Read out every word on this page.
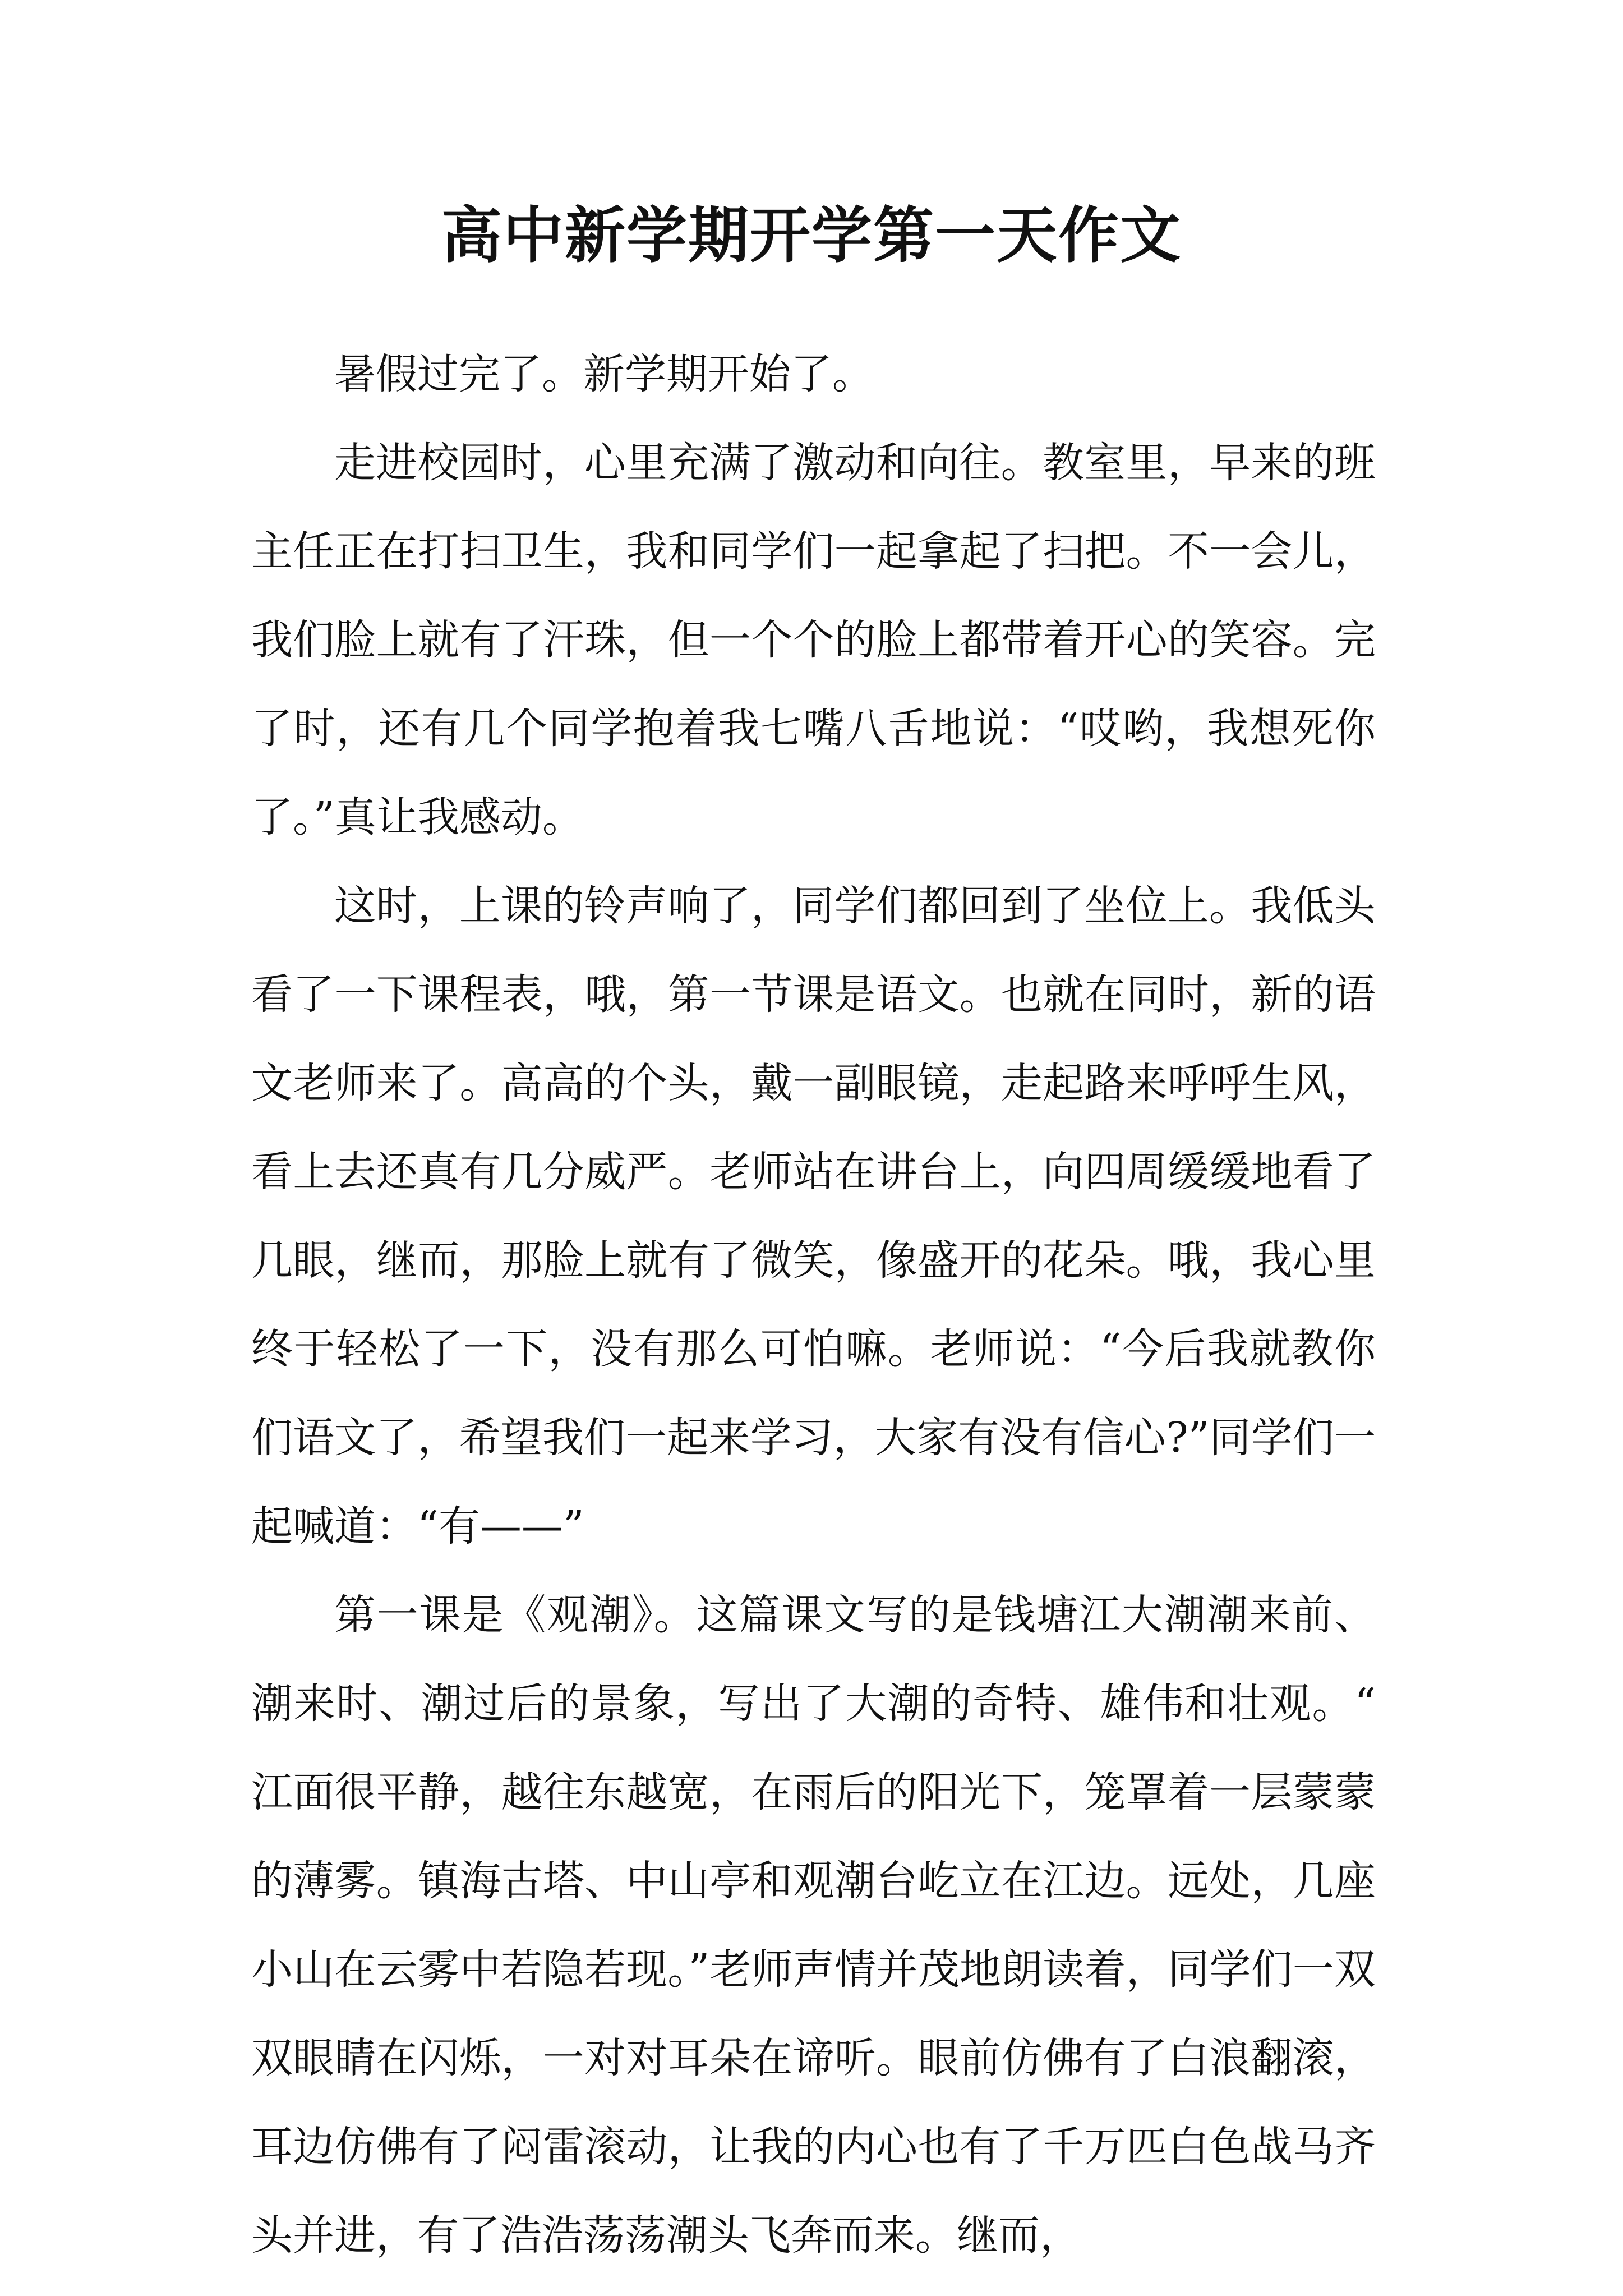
高中新学期开学第一天作文

暑假过完了。新学期开始了。

走进校园时，心里充满了激动和向往。教室里，早来的班主任正在打扫卫生，我和同学们一起拿起了扫把。不一会儿，我们脸上就有了汗珠，但一个个的脸上都带着开心的笑容。完了时，还有几个同学抱着我七嘴八舌地说：“哎哟，我想死你了。”真让我感动。

这时，上课的铃声响了，同学们都回到了坐位上。我低头看了一下课程表，哦，第一节课是语文。也就在同时，新的语文老师来了。高高的个头，戴一副眼镜，走起路来呼呼生风，看上去还真有几分威严。老师站在讲台上，向四周缓缓地看了几眼，继而，那脸上就有了微笑，像盛开的花朵。哦，我心里终于轻松了一下，没有那么可怕嘛。老师说：“今后我就教你们语文了，希望我们一起来学习，大家有没有信心?”同学们一起喊道：“有——”

第一课是《观潮》。这篇课文写的是钱塘江大潮潮来前、潮来时、潮过后的景象，写出了大潮的奇特、雄伟和壮观。“江面很平静，越往东越宽，在雨后的阳光下，笼罩着一层蒙蒙的薄雾。镇海古塔、中山亭和观潮台屹立在江边。远处，几座小山在云雾中若隐若现。”老师声情并茂地朗读着，同学们一双双眼睛在闪烁，一对对耳朵在谛听。眼前仿佛有了白浪翻滚，耳边仿佛有了闷雷滚动，让我的内心也有了千万匹白色战马齐头并进，有了浩浩荡荡潮头飞奔而来。继而，
